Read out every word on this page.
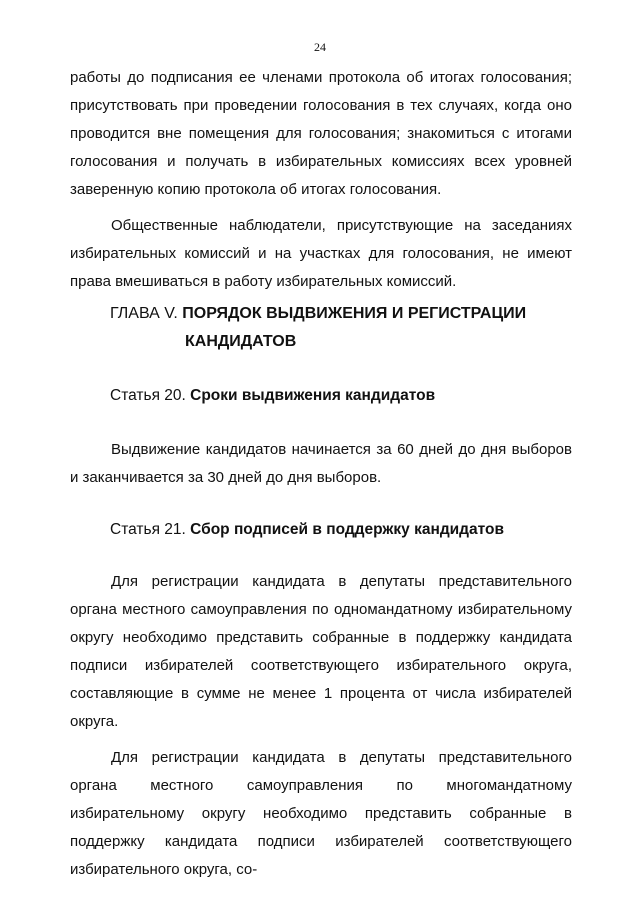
24

работы до подписания ее членами протокола об итогах голосования; присутствовать при проведении голосования в тех случаях, когда оно проводится вне помещения для голосования; знакомиться с итогами голосования и получать в избирательных комиссиях всех уровней заверенную копию протокола об итогах голосования.

Общественные наблюдатели, присутствующие на заседаниях избирательных комиссий и на участках для голосования, не имеют права вмешиваться в работу избирательных комиссий.

ГЛАВА V. ПОРЯДОК ВЫДВИЖЕНИЯ И РЕГИСТРАЦИИ
КАНДИДАТОВ
Статья 20. Сроки выдвижения кандидатов

Выдвижение кандидатов начинается за 60 дней до дня выборов и заканчивается за 30 дней до дня выборов.

Статья 21. Сбор подписей в поддержку кандидатов

Для регистрации кандидата в депутаты представительного органа местного самоуправления по одномандатному избирательному округу необходимо представить собранные в поддержку кандидата подписи избирателей соответствующего избирательного округа, составляющие в сумме не менее 1 процента от числа избирателей округа.

Для регистрации кандидата в депутаты представительного органа местного самоуправления по многомандатному избирательному округу необходимо представить собранные в поддержку кандидата подписи избирателей соответствующего избирательного округа, со-
